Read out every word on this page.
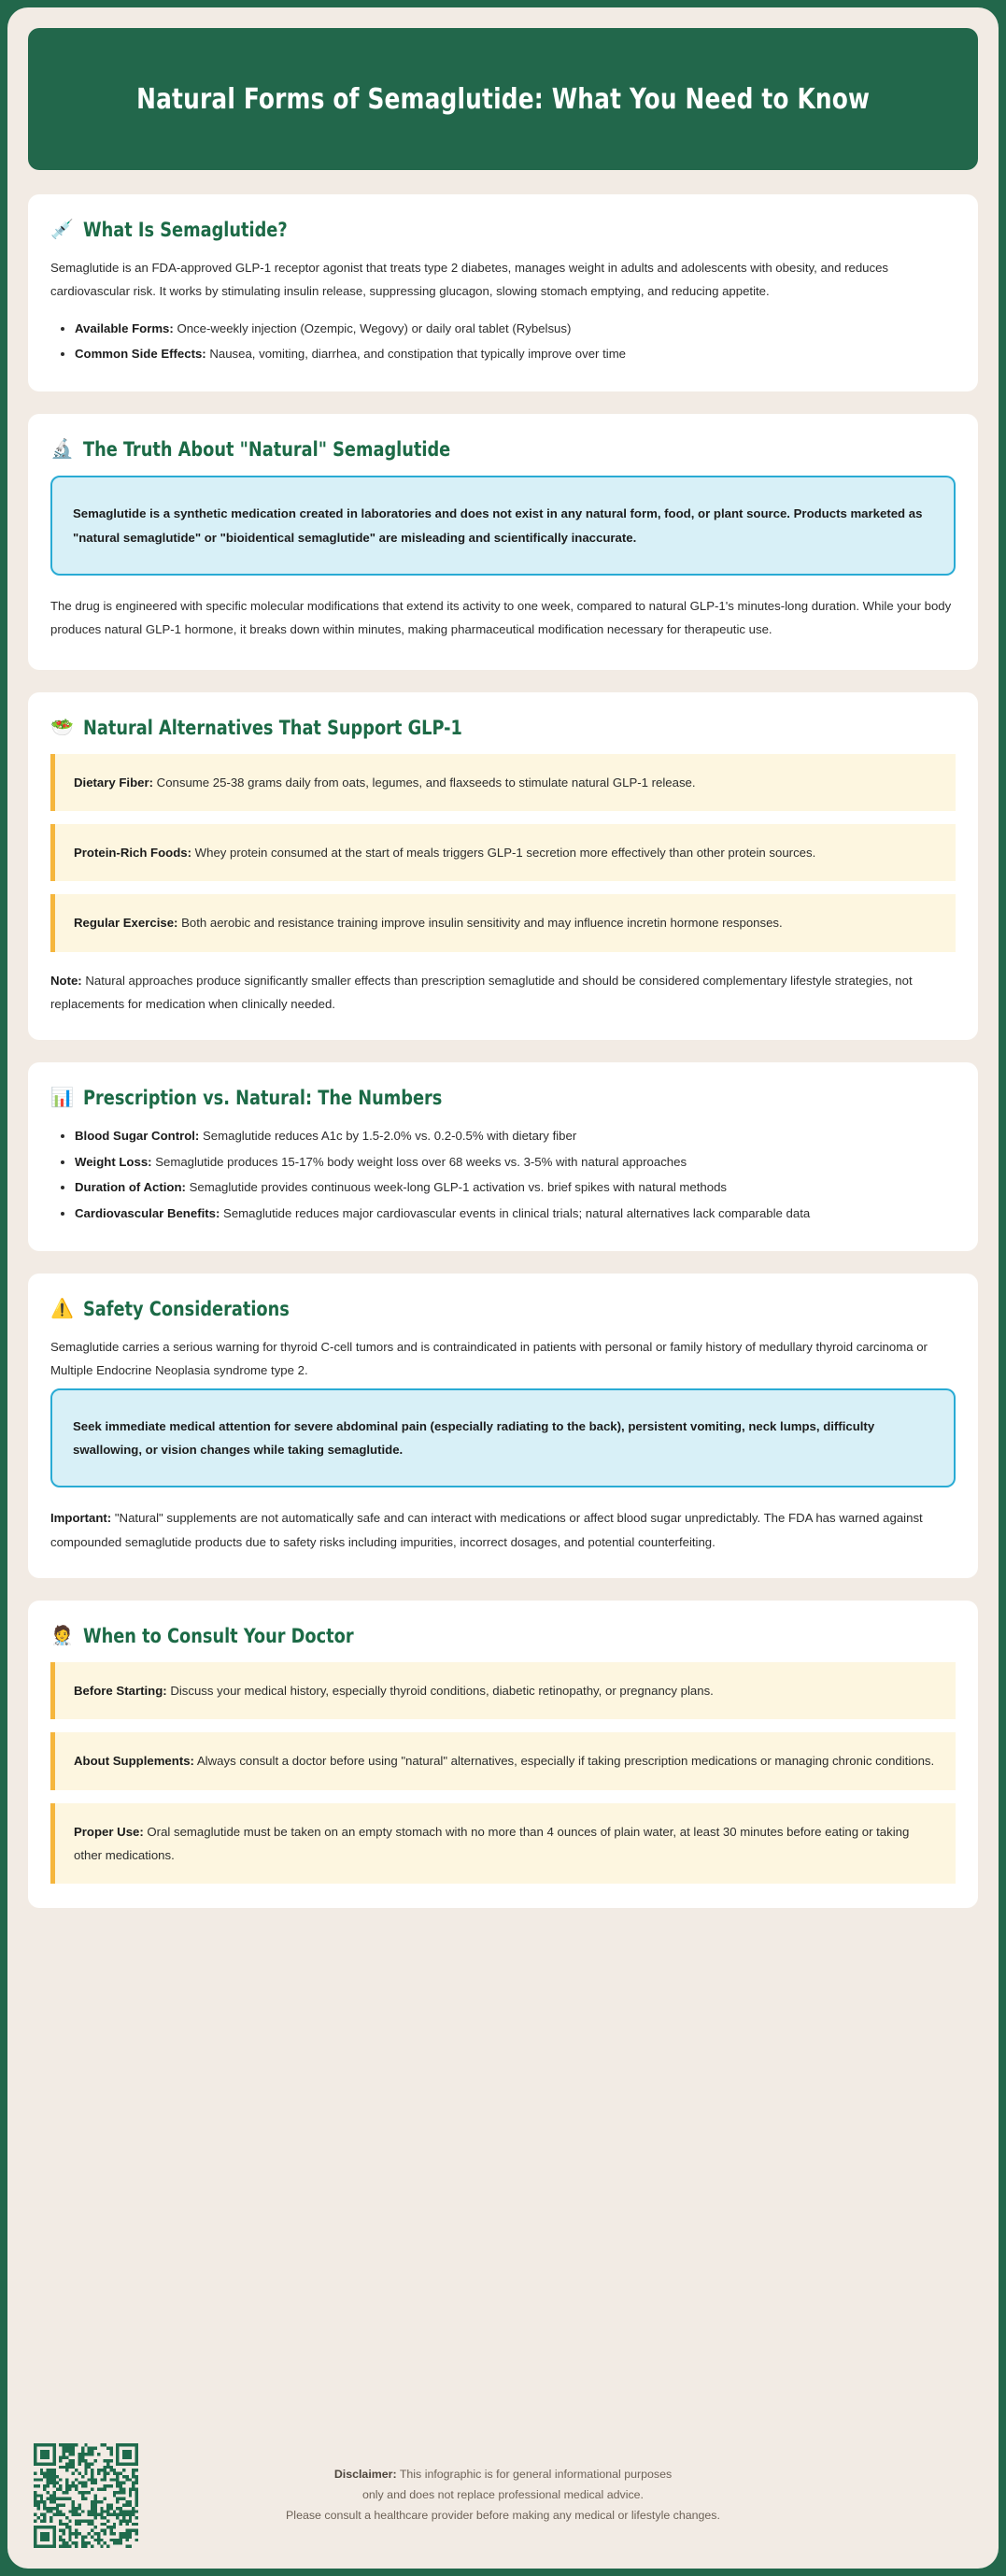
Natural Forms of Semaglutide: What You Need to Know
💉 What Is Semaglutide?

Semaglutide is an FDA-approved GLP-1 receptor agonist that treats type 2 diabetes, manages weight in adults and adolescents with obesity, and reduces cardiovascular risk. It works by stimulating insulin release, suppressing glucagon, slowing stomach emptying, and reducing appetite.

• Available Forms: Once-weekly injection (Ozempic, Wegovy) or daily oral tablet (Rybelsus)
• Common Side Effects: Nausea, vomiting, diarrhea, and constipation that typically improve over time
🔬 The Truth About "Natural" Semaglutide

Semaglutide is a synthetic medication created in laboratories and does not exist in any natural form, food, or plant source. Products marketed as "natural semaglutide" or "bioidentical semaglutide" are misleading and scientifically inaccurate.

The drug is engineered with specific molecular modifications that extend its activity to one week, compared to natural GLP-1's minutes-long duration. While your body produces natural GLP-1 hormone, it breaks down within minutes, making pharmaceutical modification necessary for therapeutic use.

🥗 Natural Alternatives That Support GLP-1
Dietary Fiber: Consume 25-38 grams daily from oats, legumes, and flaxseeds to stimulate natural GLP-1 release.
Protein-Rich Foods: Whey protein consumed at the start of meals triggers GLP-1 secretion more effectively than other protein sources.
Regular Exercise: Both aerobic and resistance training improve insulin sensitivity and may influence incretin hormone responses.
Note: Natural approaches produce significantly smaller effects than prescription semaglutide and should be considered complementary lifestyle strategies, not replacements for medication when clinically needed.
📊 Prescription vs. Natural: The Numbers
• Blood Sugar Control: Semaglutide reduces A1c by 1.5-2.0% vs. 0.2-0.5% with dietary fiber
• Weight Loss: Semaglutide produces 15-17% body weight loss over 68 weeks vs. 3-5% with natural approaches
• Duration of Action: Semaglutide provides continuous week-long GLP-1 activation vs. brief spikes with natural methods
• Cardiovascular Benefits: Semaglutide reduces major cardiovascular events in clinical trials; natural alternatives lack comparable data
⚠️ Safety Considerations

Semaglutide carries a serious warning for thyroid C-cell tumors and is contraindicated in patients with personal or family history of medullary thyroid carcinoma or Multiple Endocrine Neoplasia syndrome type 2.

Seek immediate medical attention for severe abdominal pain (especially radiating to the back), persistent vomiting, neck lumps, difficulty swallowing, or vision changes while taking semaglutide.

Important: "Natural" supplements are not automatically safe and can interact with medications or affect blood sugar unpredictably. The FDA has warned against compounded semaglutide products due to safety risks including impurities, incorrect dosages, and potential counterfeiting.
🧑‍⚕️ When to Consult Your Doctor
Before Starting: Discuss your medical history, especially thyroid conditions, diabetic retinopathy, or pregnancy plans.
About Supplements: Always consult a doctor before using "natural" alternatives, especially if taking prescription medications or managing chronic conditions.
Proper Use: Oral semaglutide must be taken on an empty stomach with no more than 4 ounces of plain water, at least 30 minutes before eating or taking other medications.
Disclaimer: This infographic is for general informational purposes
only and does not replace professional medical advice.
Please consult a healthcare provider before making any medical or lifestyle changes.
